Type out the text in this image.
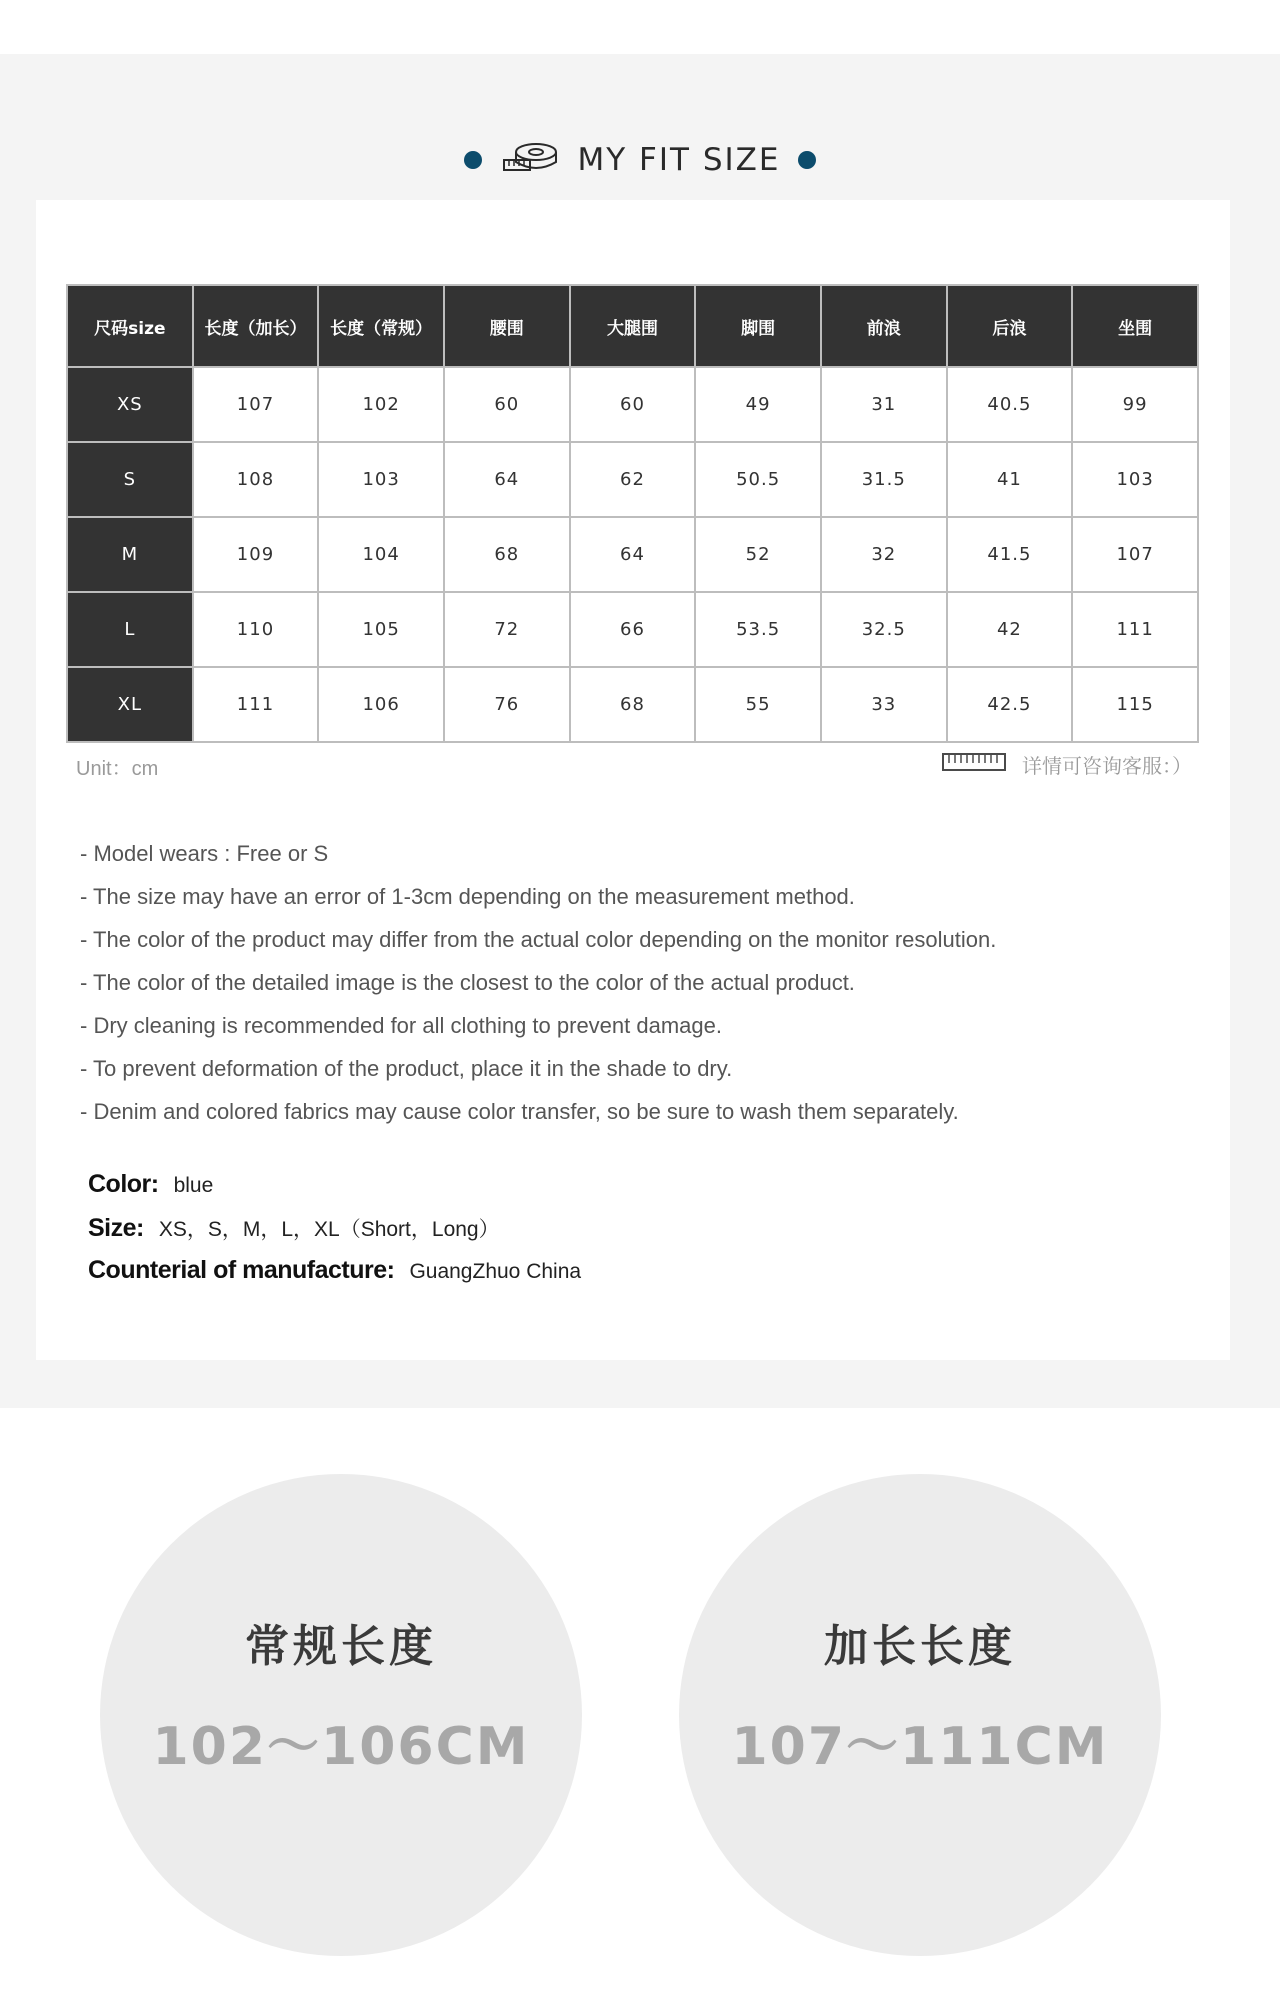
MY FIT SIZE
尺码size	长度（加长）	长度（常规）	腰围	大腿围	脚围	前浪	后浪	坐围
XS	107	102	60	60	49	31	40.5	99
S	108	103	64	62	50.5	31.5	41	103
M	109	104	68	64	52	32	41.5	107
L	110	105	72	66	53.5	32.5	42	111
XL	111	106	76	68	55	33	42.5	115
Unit：cm	详情可咨询客服：）
- Model wears : Free or S
- The size may have an error of 1-3cm depending on the measurement method.
- The color of the product may differ from the actual color depending on the monitor resolution.
- The color of the detailed image is the closest to the color of the actual product.
- Dry cleaning is recommended for all clothing to prevent damage.
- To prevent deformation of the product, place it in the shade to dry.
- Denim and colored fabrics may cause color transfer, so be sure to wash them separately.
Color: blue
Size: XS，S，M，L，XL（Short，Long）
Counterial of manufacture: GuangZhuo China
常规长度
102～106CM
加长长度
107～111CM
